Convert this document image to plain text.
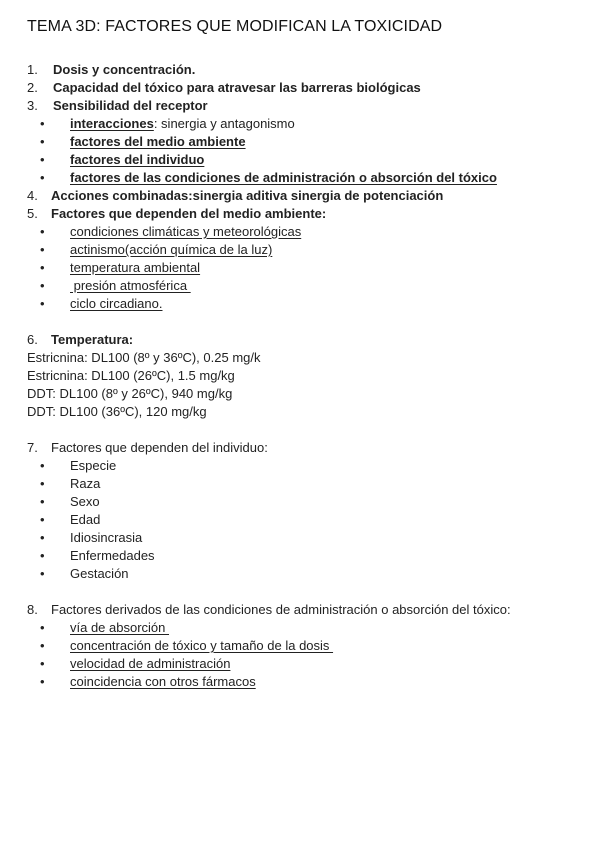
TEMA 3D: FACTORES QUE MODIFICAN LA TOXICIDAD
1. Dosis y concentración.
2. Capacidad del tóxico para atravesar las barreras biológicas
3. Sensibilidad del receptor
• interacciones: sinergia y antagonismo
• factores del medio ambiente
• factores del individuo
• factores de las condiciones de administración o absorción del tóxico
4. Acciones combinadas:sinergia aditiva sinergia de potenciación
5. Factores que dependen del medio ambiente:
• condiciones climáticas y meteorológicas
• actinismo(acción química de la luz)
• temperatura ambiental
• presión atmosférica
• ciclo circadiano.
6. Temperatura:
Estricnina: DL100 (8º y 36ºC), 0.25 mg/k
Estricnina: DL100 (26ºC), 1.5 mg/kg
DDT: DL100 (8º y 26ºC), 940 mg/kg
DDT: DL100 (36ºC), 120 mg/kg
7. Factores que dependen del individuo:
• Especie
• Raza
• Sexo
• Edad
• Idiosincrasia
• Enfermedades
• Gestación
8. Factores derivados de las condiciones de administración o absorción del tóxico:
• vía de absorción
• concentración de tóxico y tamaño de la dosis
• velocidad de administración
• coincidencia con otros fármacos
